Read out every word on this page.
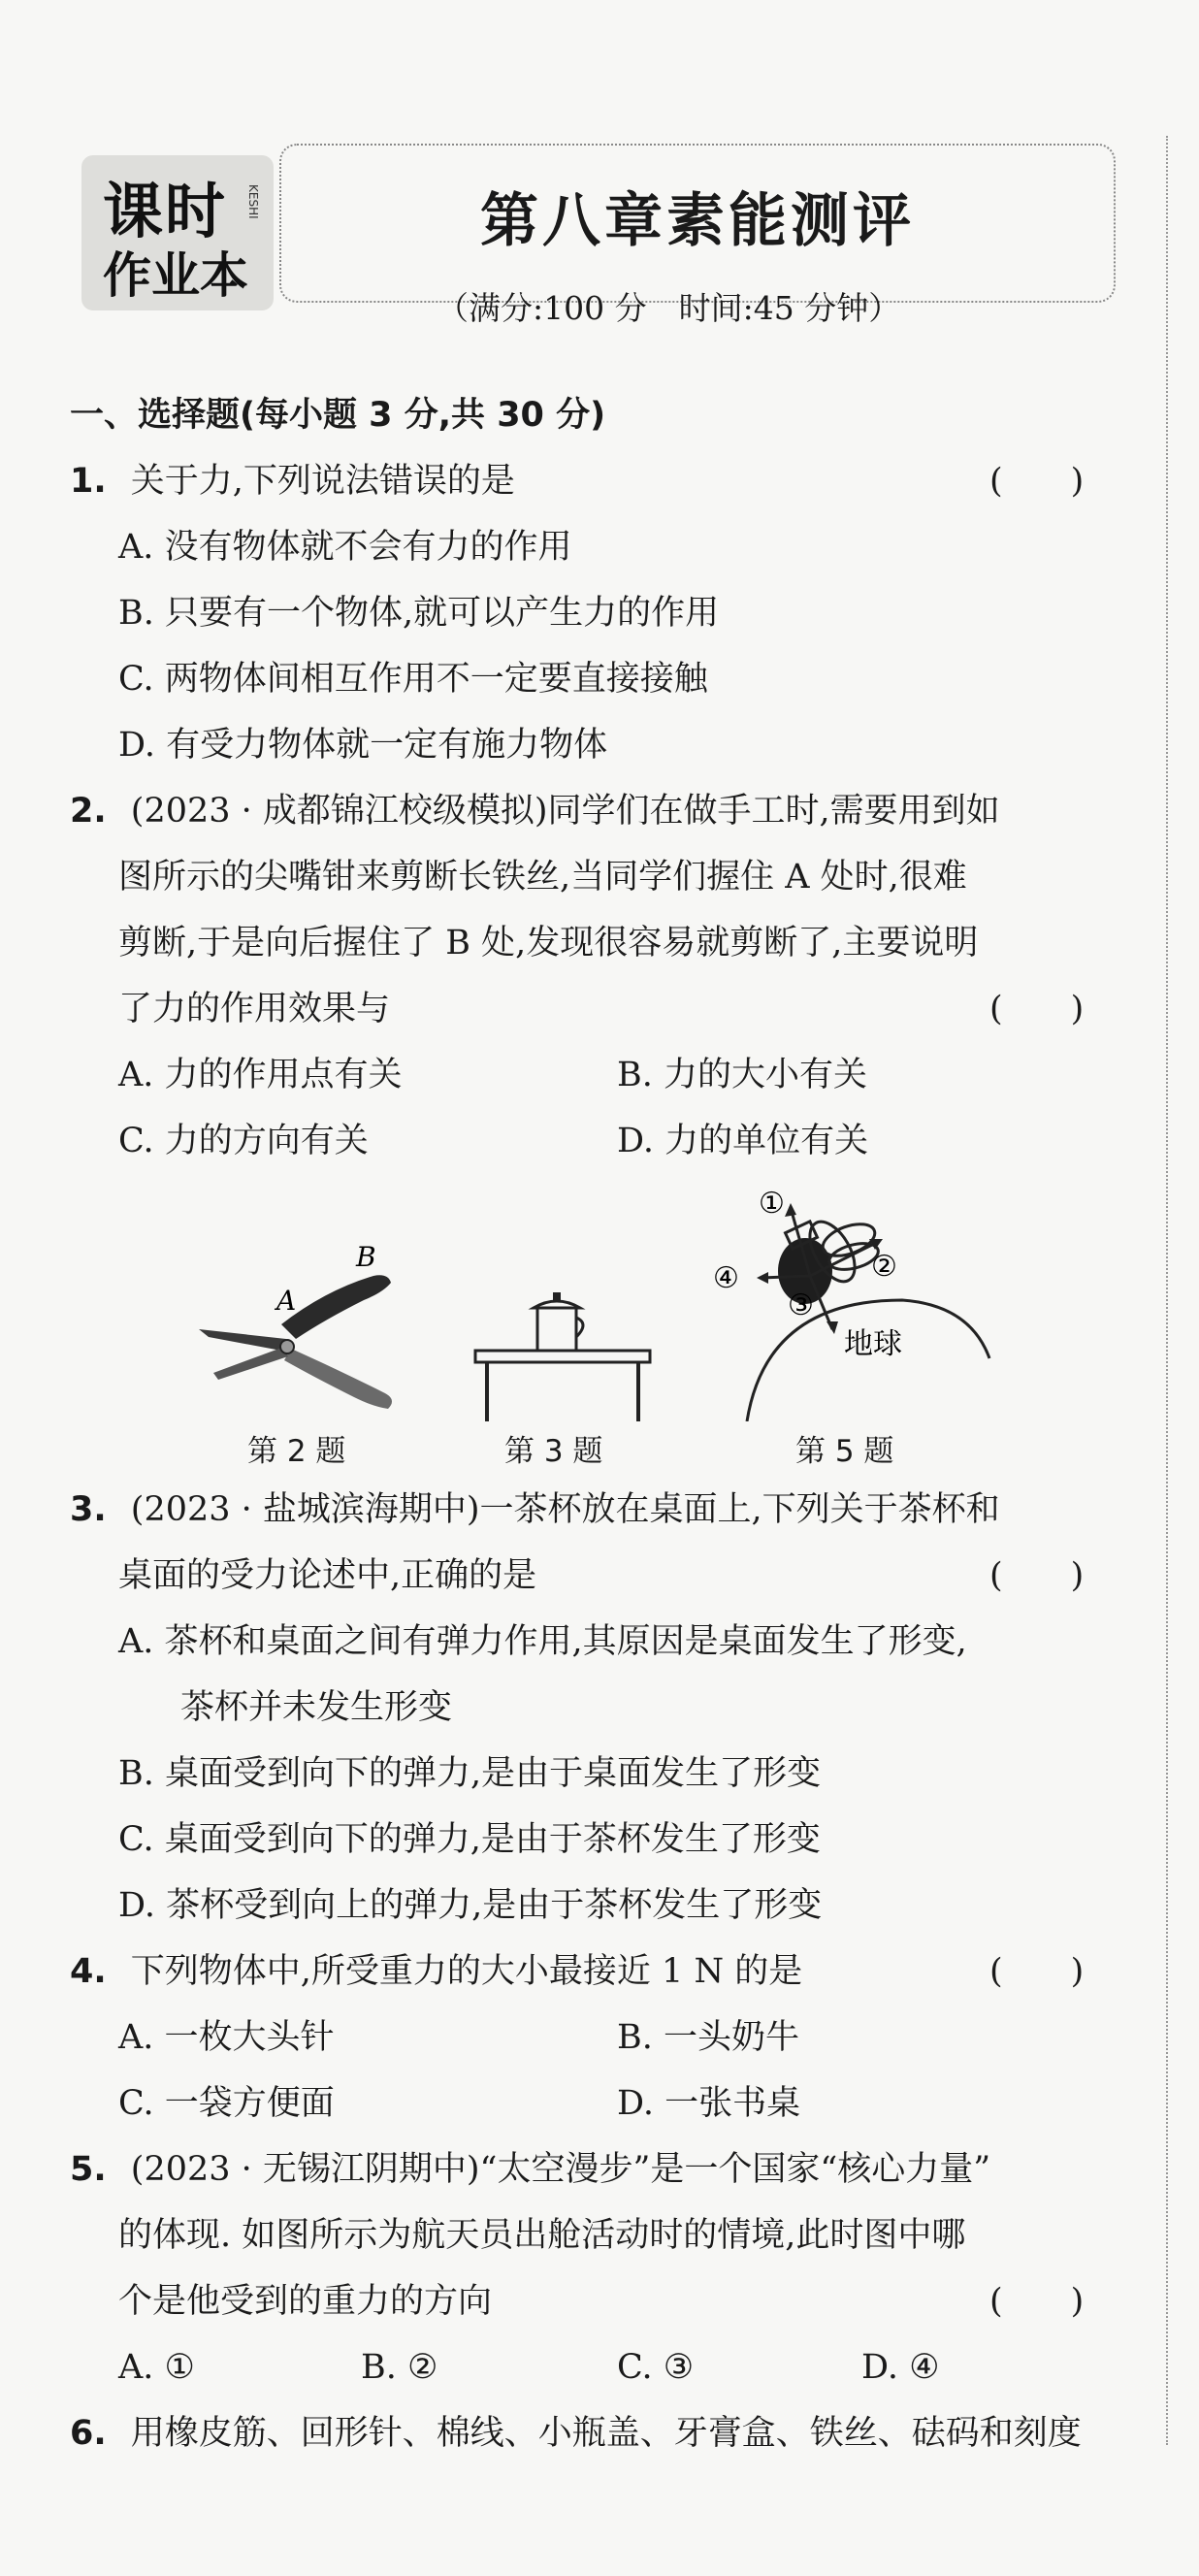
课时
作业本
KESHI	第八章素能测评
（满分:100 分　时间:45 分钟）
一、选择题(每小题 3 分,共 30 分)
1. 关于力,下列说法错误的是	(　　)
A. 没有物体就不会有力的作用
B. 只要有一个物体,就可以产生力的作用
C. 两物体间相互作用不一定要直接接触
D. 有受力物体就一定有施力物体
2. (2023 · 成都锦江校级模拟)同学们在做手工时,需要用到如
图所示的尖嘴钳来剪断长铁丝,当同学们握住 A 处时,很难
剪断,于是向后握住了 B 处,发现很容易就剪断了,主要说明
了力的作用效果与	(　　)
A. 力的作用点有关	B. 力的大小有关
C. 力的方向有关	D. 力的单位有关
A
B
第 2 题	第 3 题
地球
①
②
③
④
第 5 题
3. (2023 · 盐城滨海期中)一茶杯放在桌面上,下列关于茶杯和
桌面的受力论述中,正确的是	(　　)
A. 茶杯和桌面之间有弹力作用,其原因是桌面发生了形变,
茶杯并未发生形变
B. 桌面受到向下的弹力,是由于桌面发生了形变
C. 桌面受到向下的弹力,是由于茶杯发生了形变
D. 茶杯受到向上的弹力,是由于茶杯发生了形变
4. 下列物体中,所受重力的大小最接近 1 N 的是	(　　)
A. 一枚大头针	B. 一头奶牛
C. 一袋方便面	D. 一张书桌
5. (2023 · 无锡江阴期中)“太空漫步”是一个国家“核心力量”
的体现. 如图所示为航天员出舱活动时的情境,此时图中哪
个是他受到的重力的方向	(　　)
A. ①	B. ②	C. ③	D. ④
6. 用橡皮筋、回形针、棉线、小瓶盖、牙膏盒、铁丝、砝码和刻度
